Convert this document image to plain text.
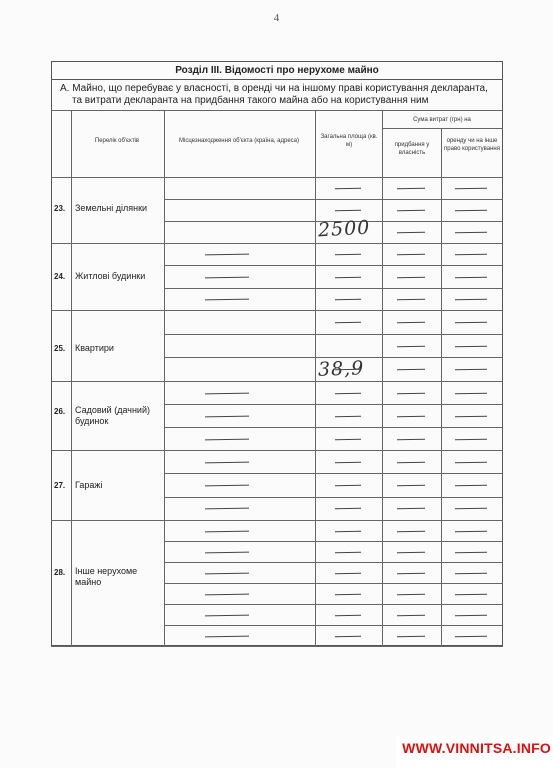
4
Розділ III. Відомості про нерухоме майно
А. Майно, що перебуває у власності, в оренді чи на іншому праві користування декларанта,
та витрати декларанта на придбання такого майна або на користування ним
Перелік об'єктів	Місцезнаходження об'єкта (країна, адреса)
Загальна площа (кв. м)
Сума витрат (грн) на
придбання у власність
оренду чи на інше право користування
23. Земельні ділянки
24. Житлові будинки
25. Квартири
26. Садовий (дачний) будинок
27. Гаражі
28. Інше нерухоме майно
2500
38,9
WWW.VINNITSA.INFO
